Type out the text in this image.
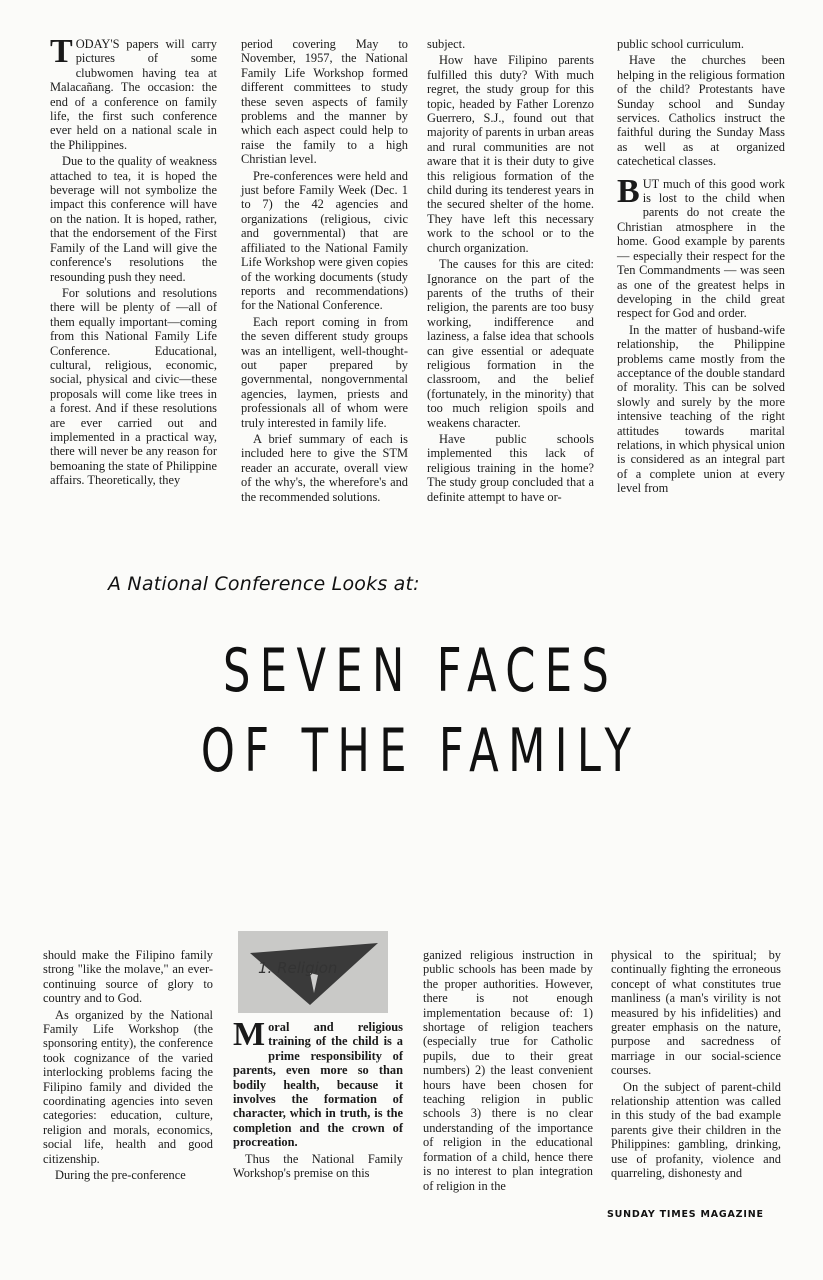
TODAY'S papers will carry pictures of some clubwomen having tea at Malacañang. The occasion: the end of a conference on family life, the first such conference ever held on a national scale in the Philippines.

Due to the quality of weakness attached to tea, it is hoped the beverage will not symbolize the impact this conference will have on the nation. It is hoped, rather, that the endorsement of the First Family of the Land will give the conference's resolutions the resounding push they need.

For solutions and resolutions there will be plenty of —all of them equally important—coming from this National Family Life Conference. Educational, cultural, religious, economic, social, physical and civic—these proposals will come like trees in a forest. And if these resolutions are ever carried out and implemented in a practical way, there will never be any reason for bemoaning the state of Philippine affairs. Theoretically, they

period covering May to November, 1957, the National Family Life Workshop formed different committees to study these seven aspects of family problems and the manner by which each aspect could help to raise the family to a high Christian level.

Pre-conferences were held and just before Family Week (Dec. 1 to 7) the 42 agencies and organizations (religious, civic and governmental) that are affiliated to the National Family Life Workshop were given copies of the working documents (study reports and recommendations) for the National Conference.

Each report coming in from the seven different study groups was an intelligent, well-thought-out paper prepared by governmental, nongovernmental agencies, laymen, priests and professionals all of whom were truly interested in family life.

A brief summary of each is included here to give the STM reader an accurate, overall view of the why's, the wherefore's and the recommended solutions.

subject.

How have Filipino parents fulfilled this duty? With much regret, the study group for this topic, headed by Father Lorenzo Guerrero, S.J., found out that majority of parents in urban areas and rural communities are not aware that it is their duty to give this religious formation of the child during its tenderest years in the secured shelter of the home. They have left this necessary work to the school or to the church organization.

The causes for this are cited: Ignorance on the part of the parents of the truths of their religion, the parents are too busy working, indifference and laziness, a false idea that schools can give essential or adequate religious formation in the classroom, and the belief (fortunately, in the minority) that too much religion spoils and weakens character.

Have public schools implemented this lack of religious training in the home? The study group concluded that a definite attempt to have or-

public school curriculum.

Have the churches been helping in the religious formation of the child? Protestants have Sunday school and Sunday services. Catholics instruct the faithful during the Sunday Mass as well as at organized catechetical classes.

BUT much of this good work is lost to the child when parents do not create the Christian atmosphere in the home. Good example by parents — especially their respect for the Ten Commandments — was seen as one of the greatest helps in developing in the child great respect for God and order.

In the matter of husband-wife relationship, the Philippine problems came mostly from the acceptance of the double standard of morality. This can be solved slowly and surely by the more intensive teaching of the right attitudes towards marital relations, in which physical union is considered as an integral part of a complete union at every level from

A National Conference Looks at:
SEVEN FACES
OF THE FAMILY

should make the Filipino family strong "like the molave," an ever-continuing source of glory to country and to God.

As organized by the National Family Life Workshop (the sponsoring entity), the conference took cognizance of the varied interlocking problems facing the Filipino family and divided the coordinating agencies into seven categories: education, culture, religion and morals, economics, social life, health and good citizenship.

During the pre-conference

1. Religion

Moral and religious training of the child is a prime responsibility of parents, even more so than bodily health, because it involves the formation of character, which in truth, is the completion and the crown of procreation.

Thus the National Family Workshop's premise on this

ganized religious instruction in public schools has been made by the proper authorities. However, there is not enough implementation because of: 1) shortage of religion teachers (especially true for Catholic pupils, due to their great numbers) 2) the least convenient hours have been chosen for teaching religion in public schools 3) there is no clear understanding of the importance of religion in the educational formation of a child, hence there is no interest to plan integration of religion in the

physical to the spiritual; by continually fighting the erroneous concept of what constitutes true manliness (a man's virility is not measured by his infidelities) and greater emphasis on the nature, purpose and sacredness of marriage in our social-science courses.

On the subject of parent-child relationship attention was called in this study of the bad example parents give their children in the Philippines: gambling, drinking, use of profanity, violence and quarreling, dishonesty and

SUNDAY TIMES MAGAZINE
